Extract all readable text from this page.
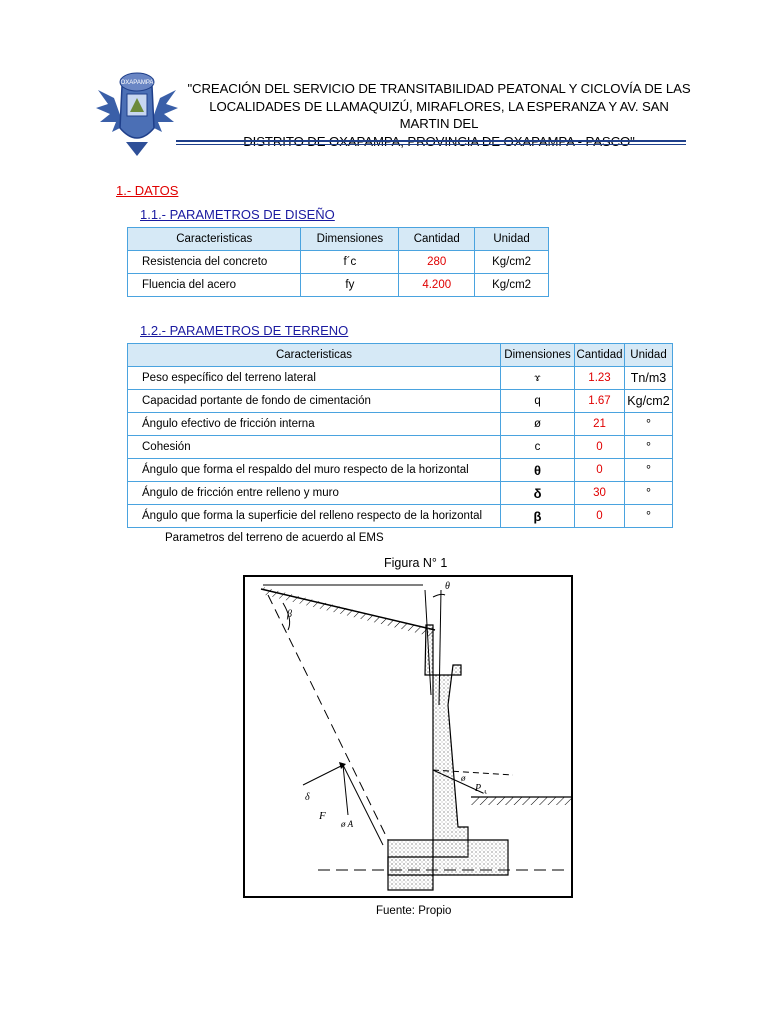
OXAPAMPA	"CREACIÓN DEL SERVICIO DE TRANSITABILIDAD PEATONAL Y CICLOVÍA DE LAS
LOCALIDADES DE LLAMAQUIZÚ, MIRAFLORES, LA ESPERANZA Y AV. SAN MARTIN DEL
DISTRITO DE OXAPAMPA, PROVINCIA DE OXAPAMPA - PASCO"
1.- DATOS
1.1.- PARAMETROS DE DISEÑO
Caracteristicas	Dimensiones	Cantidad	Unidad
Resistencia del concreto	f´c	280	Kg/cm2
Fluencia del acero	fy	4.200	Kg/cm2
1.2.- PARAMETROS DE TERRENO
Caracteristicas	Dimensiones	Cantidad	Unidad
Peso específico del terreno lateral	ɤ	1.23	Tn/m3
Capacidad portante de fondo de cimentación	q	1.67	Kg/cm2
Ángulo efectivo de fricción interna	ø	21	°
Cohesión	c	0	°
Ángulo que forma el respaldo del muro respecto de la horizontal	θ	0	°
Ángulo de fricción entre relleno y muro	δ	30	°
Ángulo que forma la superficie del relleno respecto de la horizontal	β	0	°
Parametros del terreno de acuerdo al EMS
Figura N° 1
θ
β
δ
F
ø A
ø
P A
Fuente: Propio
